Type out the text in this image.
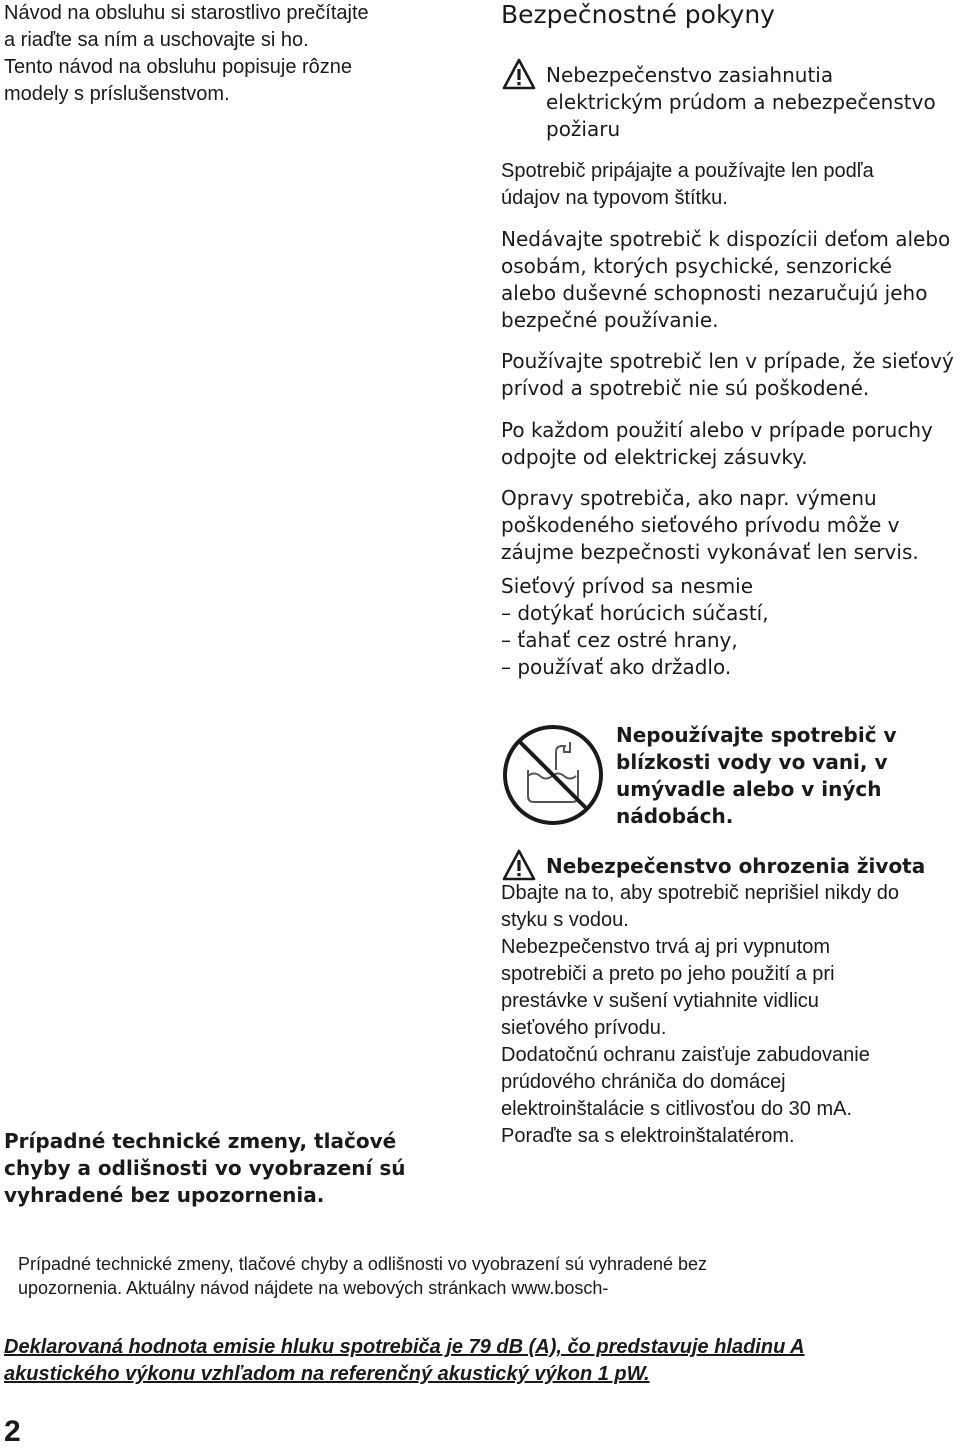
Návod na obsluhu si starostlivo prečítajte
a riaďte sa ním a uschovajte si ho.
Tento návod na obsluhu popisuje rôzne
modely s príslušenstvom.
Bezpečnostné pokyny
Nebezpečenstvo zasiahnutia
elektrickým prúdom a nebezpečenstvo
požiaru
Spotrebič pripájajte a používajte len podľa
údajov na typovom štítku.
Nedávajte spotrebič k dispozícii deťom alebo
osobám, ktorých psychické, senzorické
alebo duševné schopnosti nezaručujú jeho
bezpečné používanie.
Používajte spotrebič len v prípade, že sieťový
prívod a spotrebič nie sú poškodené.
Po každom použití alebo v prípade poruchy
odpojte od elektrickej zásuvky.
Opravy spotrebiča, ako napr. výmenu
poškodeného sieťového prívodu môže v
záujme bezpečnosti vykonávať len servis.
Sieťový prívod sa nesmie
– dotýkať horúcich súčastí,
– ťahať cez ostré hrany,
– používať ako držadlo.
Nepoužívajte spotrebič v
blízkosti vody vo vani, v
umývadle alebo v iných
nádobách.
Nebezpečenstvo ohrozenia života
Dbajte na to, aby spotrebič neprišiel nikdy do
styku s vodou.
Nebezpečenstvo trvá aj pri vypnutom
spotrebiči a preto po jeho použití a pri
prestávke v sušení vytiahnite vidlicu
sieťového prívodu.
Dodatočnú ochranu zaisťuje zabudovanie
prúdového chrániča do domácej
elektroinštalácie s citlivosťou do 30 mA.
Poraďte sa s elektroinštalatérom.
Prípadné technické zmeny, tlačové
chyby a odlišnosti vo vyobrazení sú
vyhradené bez upozornenia.
Prípadné technické zmeny, tlačové chyby a odlišnosti vo vyobrazení sú vyhradené bez
upozornenia. Aktuálny návod nájdete na webových stránkach www.bosch-
Deklarovaná hodnota emisie hluku spotrebiča je 79 dB (A), čo predstavuje hladinu A
akustického výkonu vzhľadom na referenčný akustický výkon 1 pW.
2
